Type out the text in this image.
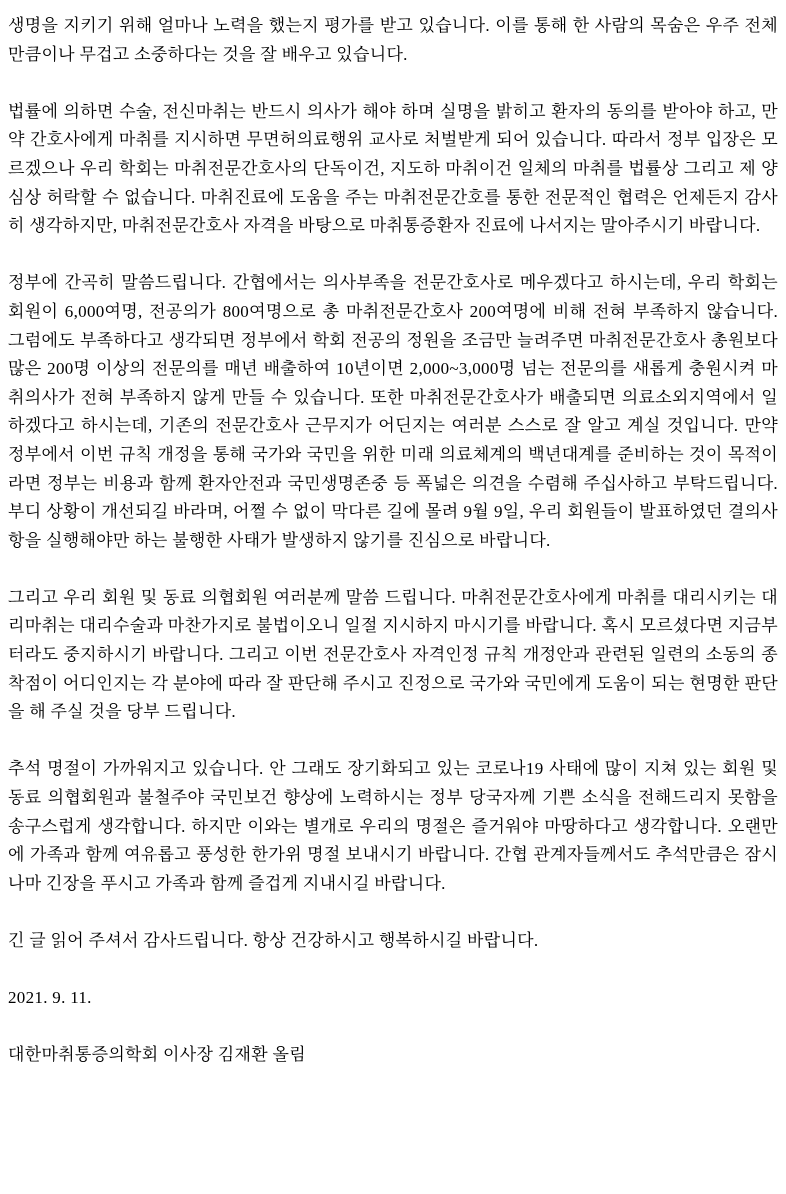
생명을 지키기 위해 얼마나 노력을 했는지 평가를 받고 있습니다. 이를 통해 한 사람의 목숨은 우주 전체만큼이나 무겁고 소중하다는 것을 잘 배우고 있습니다.

법률에 의하면 수술, 전신마취는 반드시 의사가 해야 하며 실명을 밝히고 환자의 동의를 받아야 하고, 만약 간호사에게 마취를 지시하면 무면허의료행위 교사로 처벌받게 되어 있습니다. 따라서 정부 입장은 모르겠으나 우리 학회는 마취전문간호사의 단독이건, 지도하 마취이건 일체의 마취를 법률상 그리고 제 양심상 허락할 수 없습니다. 마취진료에 도움을 주는 마취전문간호를 통한 전문적인 협력은 언제든지 감사히 생각하지만, 마취전문간호사 자격을 바탕으로 마취통증환자 진료에 나서지는 말아주시기 바랍니다.

정부에 간곡히 말씀드립니다. 간협에서는 의사부족을 전문간호사로 메우겠다고 하시는데, 우리 학회는 회원이 6,000여명, 전공의가 800여명으로 총 마취전문간호사 200여명에 비해 전혀 부족하지 않습니다. 그럼에도 부족하다고 생각되면 정부에서 학회 전공의 정원을 조금만 늘려주면 마취전문간호사 총원보다 많은 200명 이상의 전문의를 매년 배출하여 10년이면 2,000~3,000명 넘는 전문의를 새롭게 충원시켜 마취의사가 전혀 부족하지 않게 만들 수 있습니다. 또한 마취전문간호사가 배출되면 의료소외지역에서 일하겠다고 하시는데, 기존의 전문간호사 근무지가 어딘지는 여러분 스스로 잘 알고 계실 것입니다. 만약 정부에서 이번 규칙 개정을 통해 국가와 국민을 위한 미래 의료체계의 백년대계를 준비하는 것이 목적이라면 정부는 비용과 함께 환자안전과 국민생명존중 등 폭넓은 의견을 수렴해 주십사하고 부탁드립니다. 부디 상황이 개선되길 바라며, 어쩔 수 없이 막다른 길에 몰려 9월 9일, 우리 회원들이 발표하였던 결의사항을 실행해야만 하는 불행한 사태가 발생하지 않기를 진심으로 바랍니다.

그리고 우리 회원 및 동료 의협회원 여러분께 말씀 드립니다. 마취전문간호사에게 마취를 대리시키는 대리마취는 대리수술과 마찬가지로 불법이오니 일절 지시하지 마시기를 바랍니다. 혹시 모르셨다면 지금부터라도 중지하시기 바랍니다. 그리고 이번 전문간호사 자격인정 규칙 개정안과 관련된 일련의 소동의 종착점이 어디인지는 각 분야에 따라 잘 판단해 주시고 진정으로 국가와 국민에게 도움이 되는 현명한 판단을 해 주실 것을 당부 드립니다.

추석 명절이 가까워지고 있습니다. 안 그래도 장기화되고 있는 코로나19 사태에 많이 지쳐 있는 회원 및 동료 의협회원과 불철주야 국민보건 향상에 노력하시는 정부 당국자께 기쁜 소식을 전해드리지 못함을 송구스럽게 생각합니다. 하지만 이와는 별개로 우리의 명절은 즐거워야 마땅하다고 생각합니다. 오랜만에 가족과 함께 여유롭고 풍성한 한가위 명절 보내시기 바랍니다. 간협 관계자들께서도 추석만큼은 잠시나마 긴장을 푸시고 가족과 함께 즐겁게 지내시길 바랍니다.

긴 글 읽어 주셔서 감사드립니다. 항상 건강하시고 행복하시길 바랍니다.

2021. 9. 11.

대한마취통증의학회 이사장 김재환 올림
